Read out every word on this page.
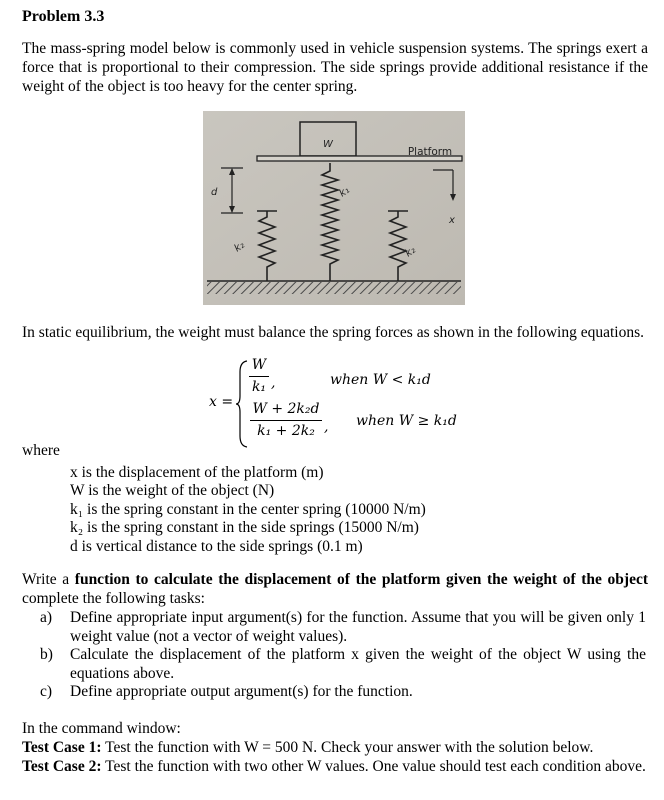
Problem 3.3
The mass-spring model below is commonly used in vehicle suspension systems. The springs exert a force that is proportional to their compression. The side springs provide additional resistance if the weight of the object is too heavy for the center spring.
W
Platform
d
x
k₁
k₂	k₂
In static equilibrium, the weight must balance the spring forces as shown in the following equations.
x =
W
k₁ ,	when W < k₁d
W + 2k₂d
k₁ + 2k₂ , when W ≥ k₁d
where
x is the displacement of the platform (m)
W is the weight of the object (N)
k₁ is the spring constant in the center spring (10000 N/m)
k₂ is the spring constant in the side springs (15000 N/m)
d is vertical distance to the side springs (0.1 m)
Write a function to calculate the displacement of the platform given the weight of the object complete the following tasks:
a) Define appropriate input argument(s) for the function. Assume that you will be given only 1 weight value (not a vector of weight values).
b) Calculate the displacement of the platform x given the weight of the object W using the equations above.
c) Define appropriate output argument(s) for the function.
In the command window:
Test Case 1: Test the function with W = 500 N. Check your answer with the solution below.
Test Case 2: Test the function with two other W values. One value should test each condition above.
